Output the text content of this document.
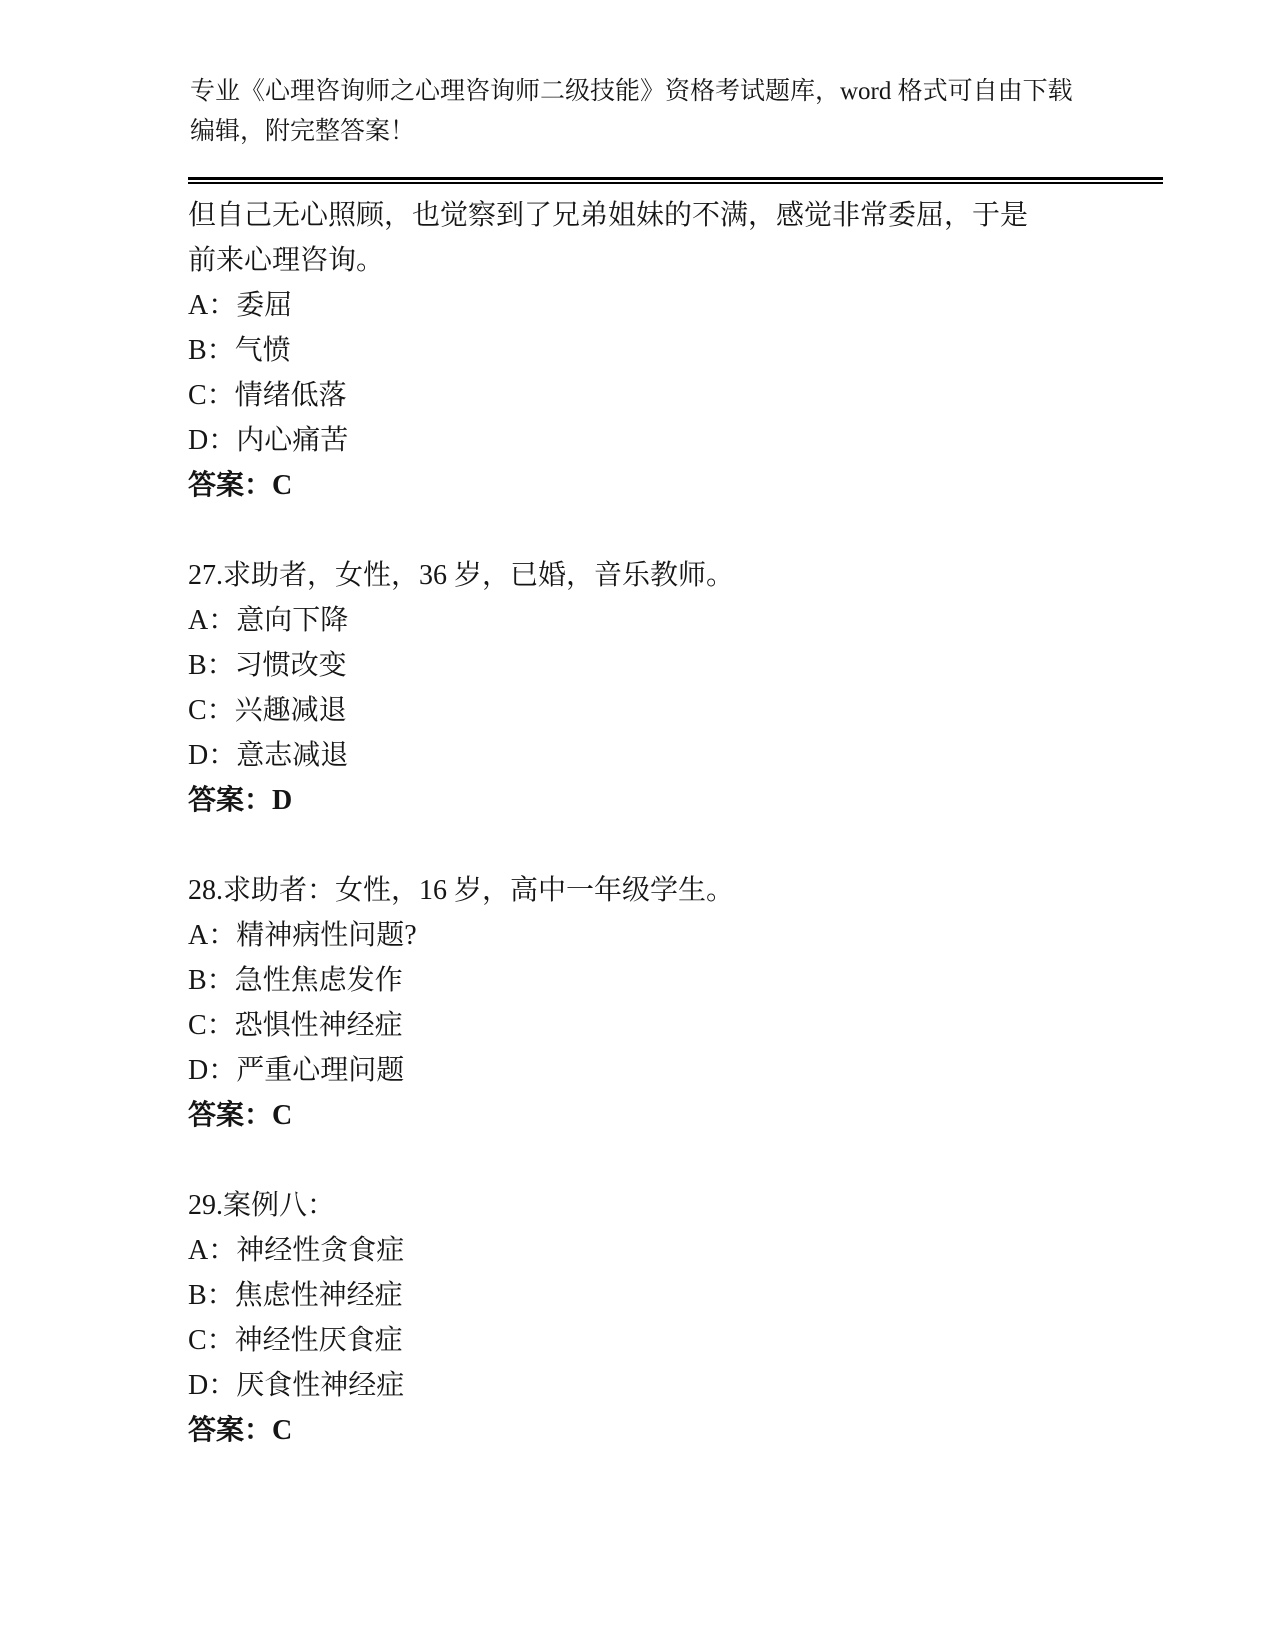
专业《心理咨询师之心理咨询师二级技能》资格考试题库，word 格式可自由下载
编辑，附完整答案！
但自己无心照顾，也觉察到了兄弟姐妹的不满，感觉非常委屈，于是
前来心理咨询。
A：委屈
B：气愤
C：情绪低落
D：内心痛苦
答案：C
27.求助者，女性，36 岁，已婚，音乐教师。
A：意向下降
B：习惯改变
C：兴趣减退
D：意志减退
答案：D
28.求助者：女性，16 岁，高中一年级学生。
A：精神病性问题?
B：急性焦虑发作
C：恐惧性神经症
D：严重心理问题
答案：C
29.案例八：
A：神经性贪食症
B：焦虑性神经症
C：神经性厌食症
D：厌食性神经症
答案：C
